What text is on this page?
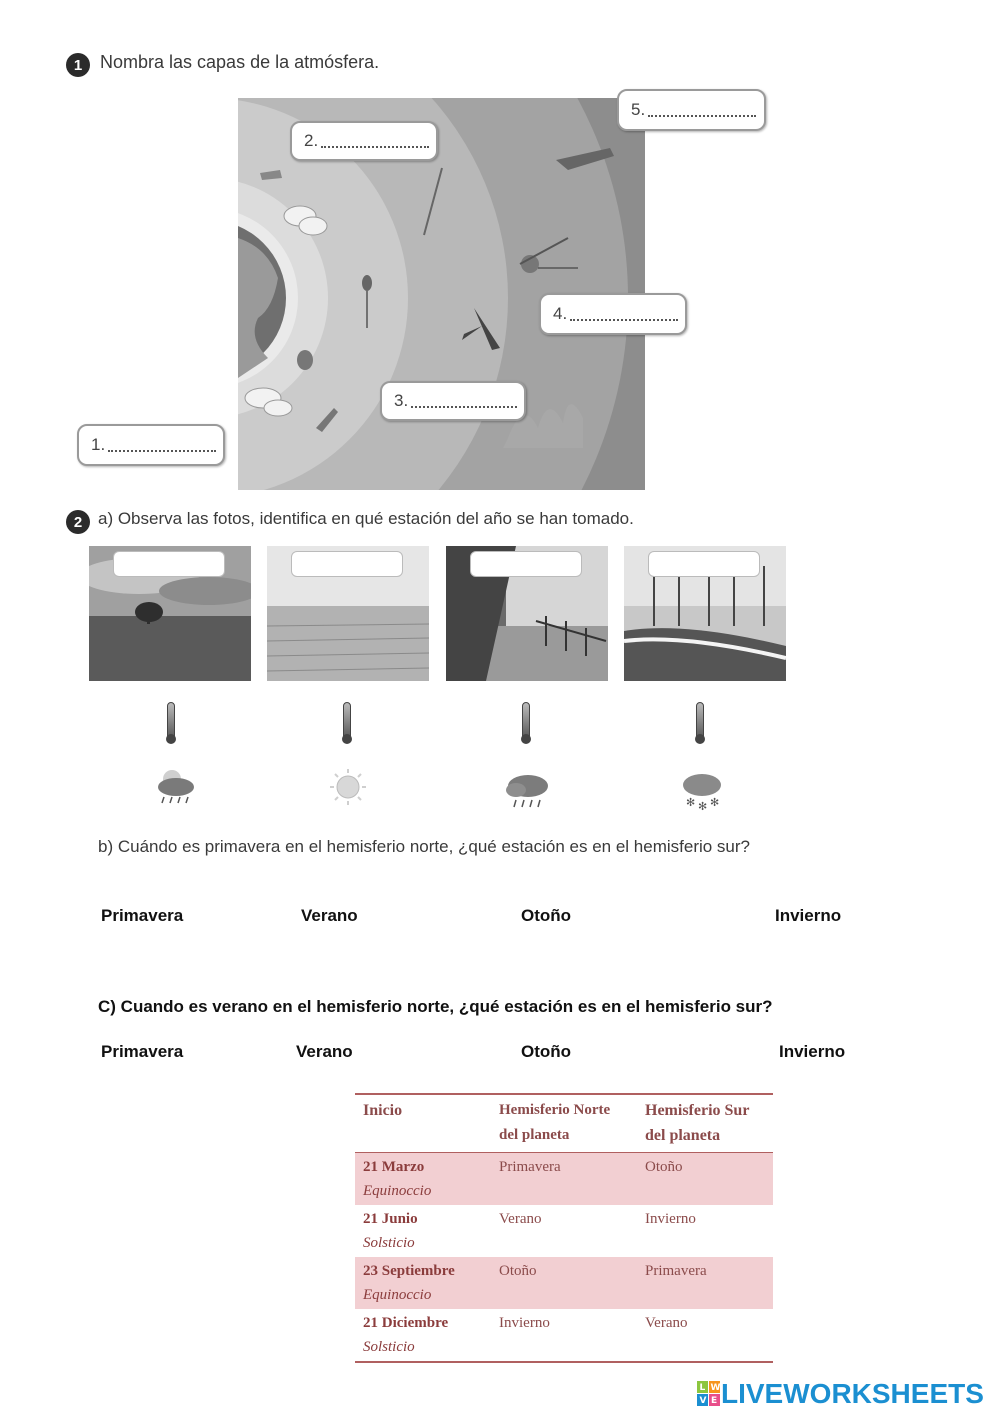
1 Nombra las capas de la atmósfera.
1.
2.
3.
4.
5.
2 a) Observa las fotos, identifica en qué estación del año se han tomado.
✻ ✻ ✻
b) Cuándo es primavera en el hemisferio norte, ¿qué estación es en el hemisferio sur?
Primavera	Verano	Otoño	Invierno
C) Cuando es verano en el hemisferio norte, ¿qué estación es en el hemisferio sur?
Primavera	Verano	Otoño	Invierno
Inicio	Hemisferio Norte del planeta	Hemisferio Sur del planeta

21 Marzo
Equinoccio	Primavera	Otoño

21 Junio
Solsticio	Verano	Invierno

23 Septiembre
Equinoccio	Otoño	Primavera

21 Diciembre
Solsticio	Invierno	Verano
L W
V E LIVEWORKSHEETS
